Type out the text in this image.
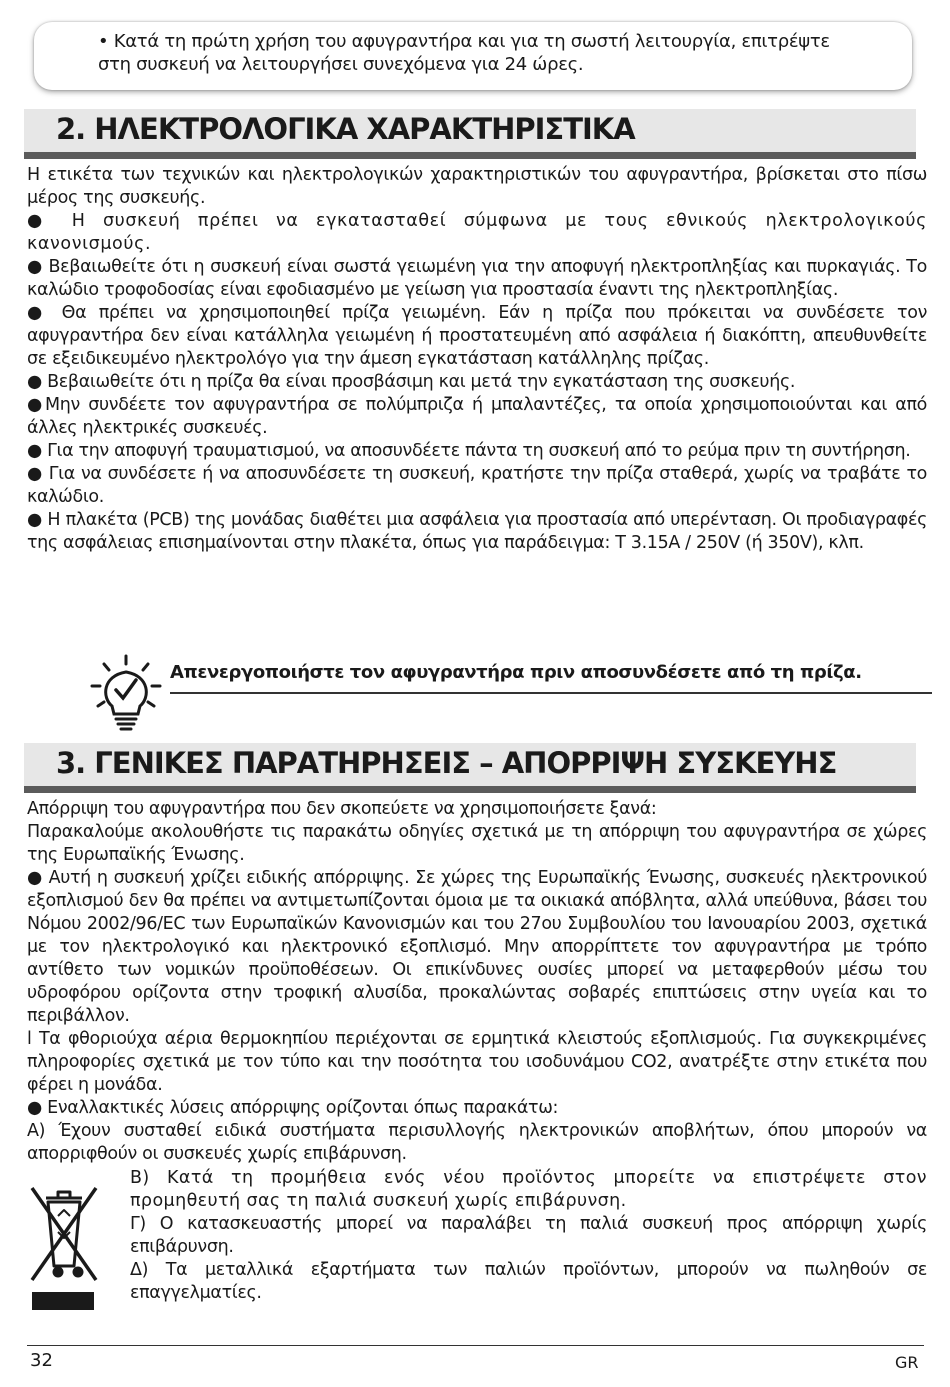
• Κατά τη πρώτη χρήση του αφυγραντήρα και για τη σωστή λειτουργία, επιτρέψτε
στη συσκευή να λειτουργήσει συνεχόμενα για 24 ώρες.
2. ΗΛΕΚΤΡΟΛΟΓΙΚΑ ΧΑΡΑΚΤΗΡΙΣΤΙΚΑ

Η ετικέτα των τεχνικών και ηλεκτρολογικών χαρακτηριστικών του αφυγραντήρα, βρίσκεται στο πίσω μέρος της συσκευής.

● Η συσκευή πρέπει να εγκατασταθεί σύμφωνα με τους εθνικούς ηλεκτρολογικούς κανονισμούς.

● Βεβαιωθείτε ότι η συσκευή είναι σωστά γειωμένη για την αποφυγή ηλεκτροπληξίας και πυρκαγιάς. Το καλώδιο τροφοδοσίας είναι εφοδιασμένο με γείωση για προστασία έναντι της ηλεκτροπληξίας.

● Θα πρέπει να χρησιμοποιηθεί πρίζα γειωμένη. Εάν η πρίζα που πρόκειται να συνδέσετε τον αφυγραντήρα δεν είναι κατάλληλα γειωμένη ή προστατευμένη από ασφάλεια ή διακόπτη, απευθυνθείτε σε εξειδικευμένο ηλεκτρολόγο για την άμεση εγκατάσταση κατάλληλης πρίζας.

● Βεβαιωθείτε ότι η πρίζα θα είναι προσβάσιμη και μετά την εγκατάσταση της συσκευής.

●Μην συνδέετε τον αφυγραντήρα σε πολύμπριζα ή μπαλαντέζες, τα οποία χρησιμοποιούνται και από άλλες ηλεκτρικές συσκευές.

● Για την αποφυγή τραυματισμού, να αποσυνδέετε πάντα τη συσκευή από το ρεύμα πριν τη συντήρηση.

● Για να συνδέσετε ή να αποσυνδέσετε τη συσκευή, κρατήστε την πρίζα σταθερά, χωρίς να τραβάτε το καλώδιο.

● Η πλακέτα (PCB) της μονάδας διαθέτει μια ασφάλεια για προστασία από υπερένταση. Οι προδιαγραφές της ασφάλειας επισημαίνονται στην πλακέτα, όπως για παράδειγμα: T 3.15A / 250V (ή 350V), κλπ.

Απενεργοποιήστε τον αφυγραντήρα πριν αποσυνδέσετε από τη πρίζα.
3. ΓΕΝΙΚΕΣ ΠΑΡΑΤΗΡΗΣΕΙΣ – ΑΠΟΡΡΙΨΗ ΣΥΣΚΕΥΗΣ

Απόρριψη του αφυγραντήρα που δεν σκοπεύετε να χρησιμοποιήσετε ξανά:

Παρακαλούμε ακολουθήστε τις παρακάτω οδηγίες σχετικά με τη απόρριψη του αφυγραντήρα σε χώρες της Ευρωπαϊκής Ένωσης.

● Αυτή η συσκευή χρίζει ειδικής απόρριψης. Σε χώρες της Ευρωπαϊκής Ένωσης, συσκευές ηλεκτρονικού εξοπλισμού δεν θα πρέπει να αντιμετωπίζονται όμοια με τα οικιακά απόβλητα, αλλά υπεύθυνα, βάσει του Νόμου 2002/96/EC των Ευρωπαϊκών Κανονισμών και του 27ου Συμβουλίου του Ιανουαρίου 2003, σχετικά με τον ηλεκτρολογικό και ηλεκτρονικό εξοπλισμό. Μην απορρίπτετε τον αφυγραντήρα με τρόπο αντίθετο των νομικών προϋποθέσεων. Οι επικίνδυνες ουσίες μπορεί να μεταφερθούν μέσω του υδροφόρου ορίζοντα στην τροφική αλυσίδα, προκαλώντας σοβαρές επιπτώσεις στην υγεία και το περιβάλλον.

l Τα φθοριούχα αέρια θερμοκηπίου περιέχονται σε ερμητικά κλειστούς εξοπλισμούς. Για συγκεκριμένες πληροφορίες σχετικά με τον τύπο και την ποσότητα του ισοδυνάμου CO2, ανατρέξτε στην ετικέτα που φέρει η μονάδα.

● Εναλλακτικές λύσεις απόρριψης ορίζονται όπως παρακάτω:

Α) Έχουν συσταθεί ειδικά συστήματα περισυλλογής ηλεκτρονικών αποβλήτων, όπου μπορούν να απορριφθούν οι συσκευές χωρίς επιβάρυνση.

Β) Κατά τη προμήθεια ενός νέου προϊόντος μπορείτε να επιστρέψετε στον προμηθευτή σας τη παλιά συσκευή χωρίς επιβάρυνση.

Γ) Ο κατασκευαστής μπορεί να παραλάβει τη παλιά συσκευή προς απόρριψη χωρίς επιβάρυνση.

Δ) Τα μεταλλικά εξαρτήματα των παλιών προϊόντων, μπορούν να πωληθούν σε επαγγελματίες.

32	GR
